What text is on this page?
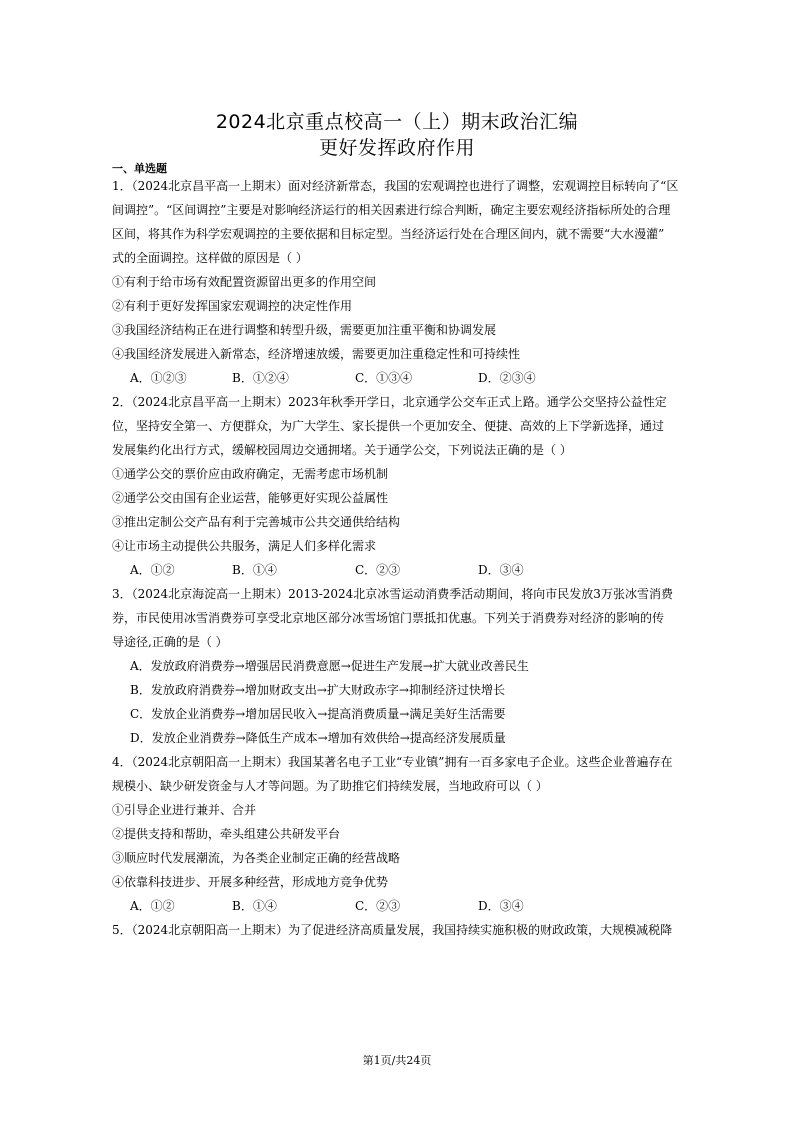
2024北京重点校高一（上）期末政治汇编
更好发挥政府作用
一、单选题
1．（2024北京昌平高一上期末）面对经济新常态，我国的宏观调控也进行了调整，宏观调控目标转向了“区
间调控”。“区间调控”主要是对影响经济运行的相关因素进行综合判断，确定主要宏观经济指标所处的合理
区间，将其作为科学宏观调控的主要依据和目标定型。当经济运行处在合理区间内，就不需要“大水漫灌”
式的全面调控。这样做的原因是（ ）
①有利于给市场有效配置资源留出更多的作用空间
②有利于更好发挥国家宏观调控的决定性作用
③我国经济结构正在进行调整和转型升级，需要更加注重平衡和协调发展
④我国经济发展进入新常态，经济增速放缓，需要更加注重稳定性和可持续性
A．①②③	B．①②④	C．①③④	D．②③④
2．（2024北京昌平高一上期末）2023年秋季开学日，北京通学公交车正式上路。通学公交坚持公益性定
位，坚持安全第一、方便群众，为广大学生、家长提供一个更加安全、便捷、高效的上下学新选择，通过
发展集约化出行方式，缓解校园周边交通拥堵。关于通学公交，下列说法正确的是（ ）
①通学公交的票价应由政府确定，无需考虑市场机制
②通学公交由国有企业运营，能够更好实现公益属性
③推出定制公交产品有利于完善城市公共交通供给结构
④让市场主动提供公共服务，满足人们多样化需求
A．①②	B．①④	C．②③	D．③④
3．（2024北京海淀高一上期末）2013-2024北京冰雪运动消费季活动期间，将向市民发放3万张冰雪消费
券，市民使用冰雪消费券可享受北京地区部分冰雪场馆门票抵扣优惠。下列关于消费券对经济的影响的传
导途径,正确的是（ ）
A．发放政府消费券→增强居民消费意愿→促进生产发展→扩大就业改善民生
B．发放政府消费券→增加财政支出→扩大财政赤字→抑制经济过快增长
C．发放企业消费券→增加居民收入→提高消费质量→满足美好生活需要
D．发放企业消费券→降低生产成本→增加有效供给→提高经济发展质量
4．（2024北京朝阳高一上期末）我国某著名电子工业“专业镇”拥有一百多家电子企业。这些企业普遍存在
规模小、缺少研发资金与人才等问题。为了助推它们持续发展，当地政府可以（ ）
①引导企业进行兼并、合并
②提供支持和帮助，牵头组建公共研发平台
③顺应时代发展潮流，为各类企业制定正确的经营战略
④依靠科技进步、开展多种经营，形成地方竞争优势
A．①②	B．①④	C．②③	D．③④
5．（2024北京朝阳高一上期末）为了促进经济高质量发展，我国持续实施积极的财政政策，大规模减税降
第1页/共24页
